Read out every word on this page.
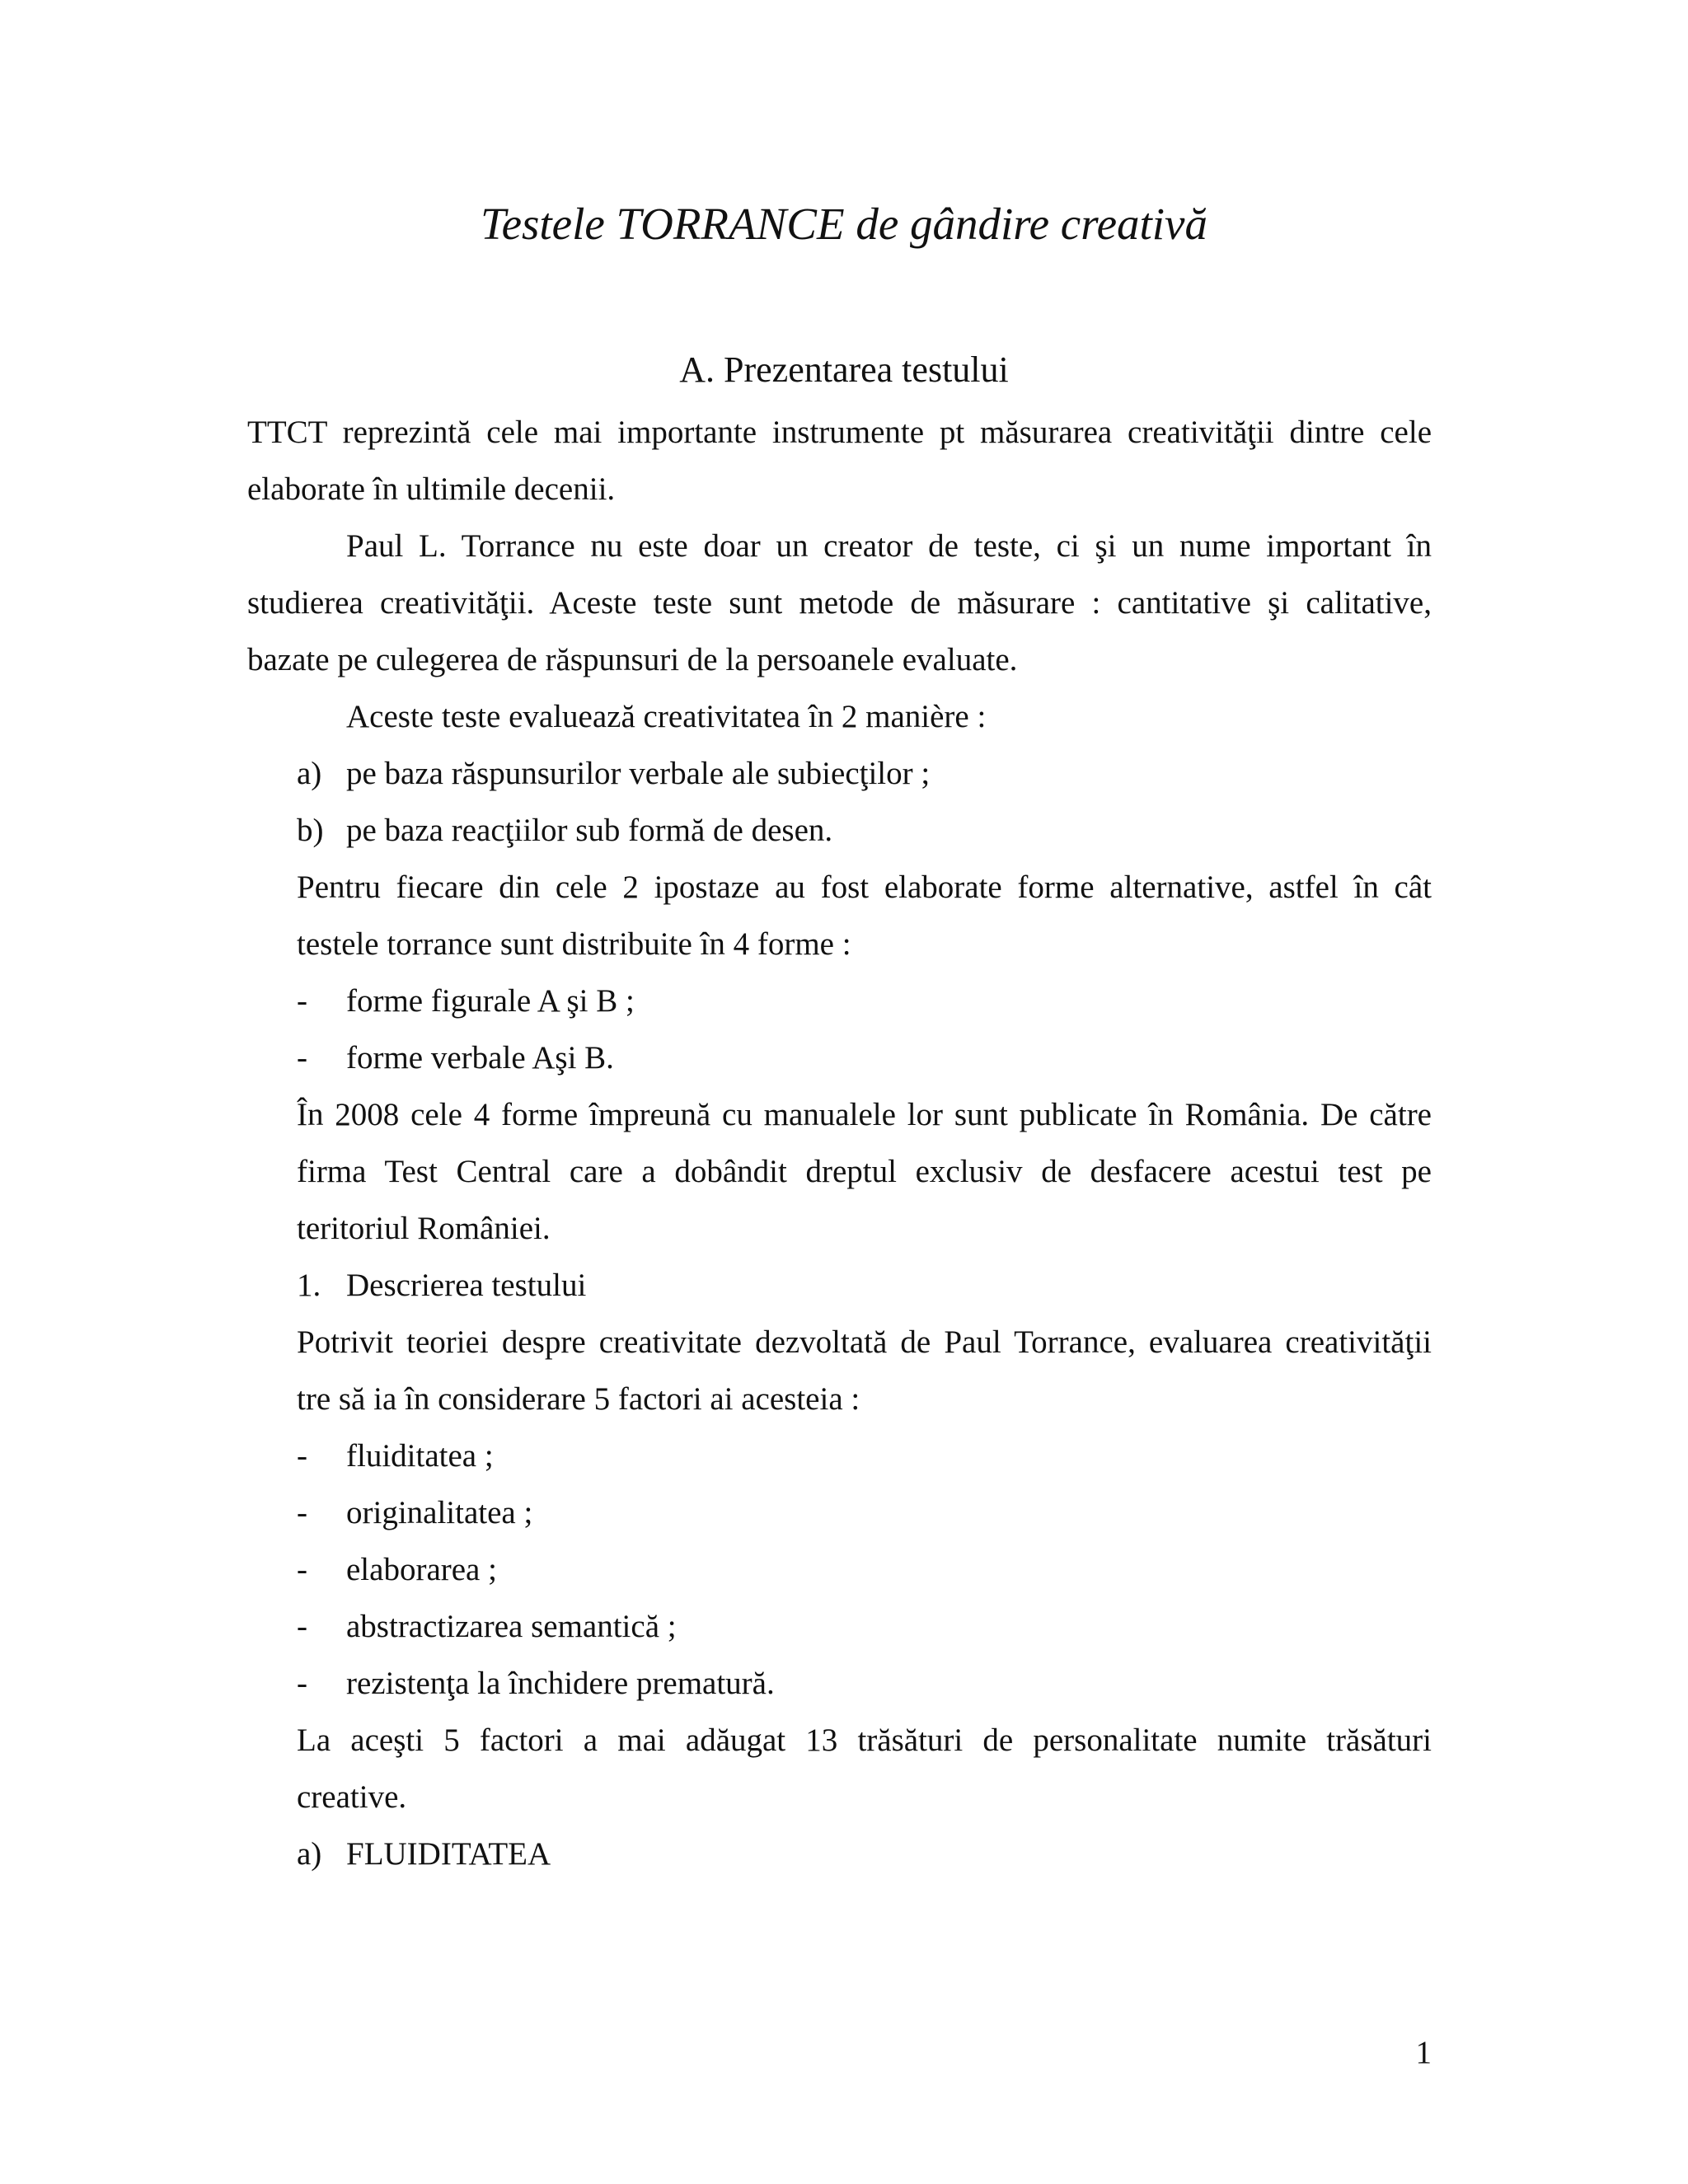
Testele TORRANCE de gândire creativă
A. Prezentarea testului

TTCT reprezintă cele mai importante instrumente pt măsurarea creativităţii dintre cele

elaborate în ultimile decenii.

Paul L. Torrance nu este doar un creator de teste, ci şi un nume important în

studierea creativităţii. Aceste teste sunt metode de măsurare : cantitative şi calitative,

bazate pe culegerea de răspunsuri de la persoanele evaluate.

Aceste teste evaluează creativitatea în 2 manière :

a) pe baza răspunsurilor verbale ale subiecţilor ;
b) pe baza reacţiilor sub formă de desen.

Pentru fiecare din cele 2 ipostaze au fost elaborate forme alternative, astfel în cât

testele torrance sunt distribuite în 4 forme :

- forme figurale A şi B ;
- forme verbale Aşi B.

În 2008 cele 4 forme împreună cu manualele lor sunt publicate în România. De către

firma Test Central care a dobândit dreptul exclusiv de desfacere acestui test pe

teritoriul României.

1. Descrierea testului

Potrivit teoriei despre creativitate dezvoltată de Paul Torrance, evaluarea creativităţii

tre să ia în considerare 5 factori ai acesteia :

- fluiditatea ;
- originalitatea ;
- elaborarea ;
- abstractizarea semantică ;
- rezistenţa la închidere prematură.

La aceşti 5 factori a mai adăugat 13 trăsături de personalitate numite trăsături

creative.

a) FLUIDITATEA
1
